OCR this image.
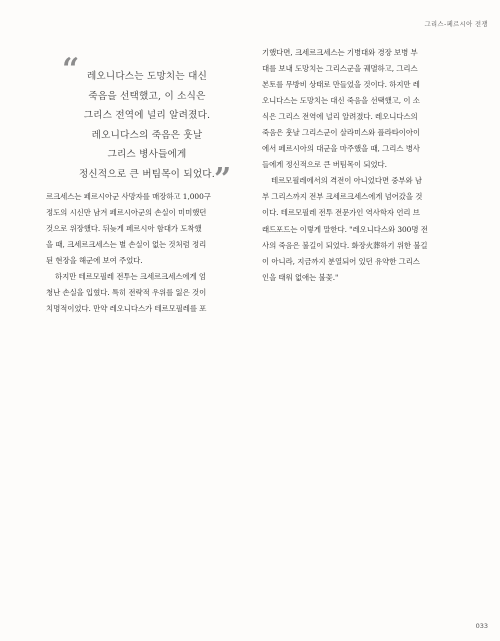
그리스-페르시아 전쟁
“ 레오니다스는 도망치는 대신
죽음을 선택했고, 이 소식은
그리스 전역에 널리 알려졌다.
레오니다스의 죽음은 훗날
그리스 병사들에게
정신적으로 큰 버팀목이 되었다.
”
르크세스는 페르시아군 사망자를 매장하고 1,000구
정도의 시신만 남겨 페르시아군의 손실이 미미했던
것으로 위장했다. 뒤늦게 페르시아 함대가 도착했
을 때, 크세르크세스는 별 손실이 없는 것처럼 정리
된 현장을 해군에 보여 주었다.
하지만 테르모필레 전투는 크세르크세스에게 엄
청난 손실을 입혔다. 특히 전략적 우위를 잃은 것이
치명적이었다. 만약 레오니다스가 테르모필레를 포
기했다면, 크세르크세스는 기병대와 경장 보병 부
대를 보내 도망치는 그리스군을 궤멸하고, 그리스
본토를 무방비 상태로 만들었을 것이다. 하지만 레
오니다스는 도망치는 대신 죽음을 선택했고, 이 소
식은 그리스 전역에 널리 알려졌다. 레오니다스의
죽음은 훗날 그리스군이 살라미스와 플라타이아이
에서 페르시아의 대군을 마주했을 때, 그리스 병사
들에게 정신적으로 큰 버팀목이 되었다.
테르모필레에서의 격전이 아니었다면 중부와 남
부 그리스까지 전부 크세르크세스에게 넘어갔을 것
이다. 테르모필레 전투 전문가인 역사학자 언리 브
래드포드는 이렇게 말한다. "레오니다스와 300명 전
사의 죽음은 불길이 되었다. 화장火葬하기 위한 불길
이 아니라, 지금까지 분열되어 있던 유약한 그리스
인을 태워 없애는 불꽃."
033
